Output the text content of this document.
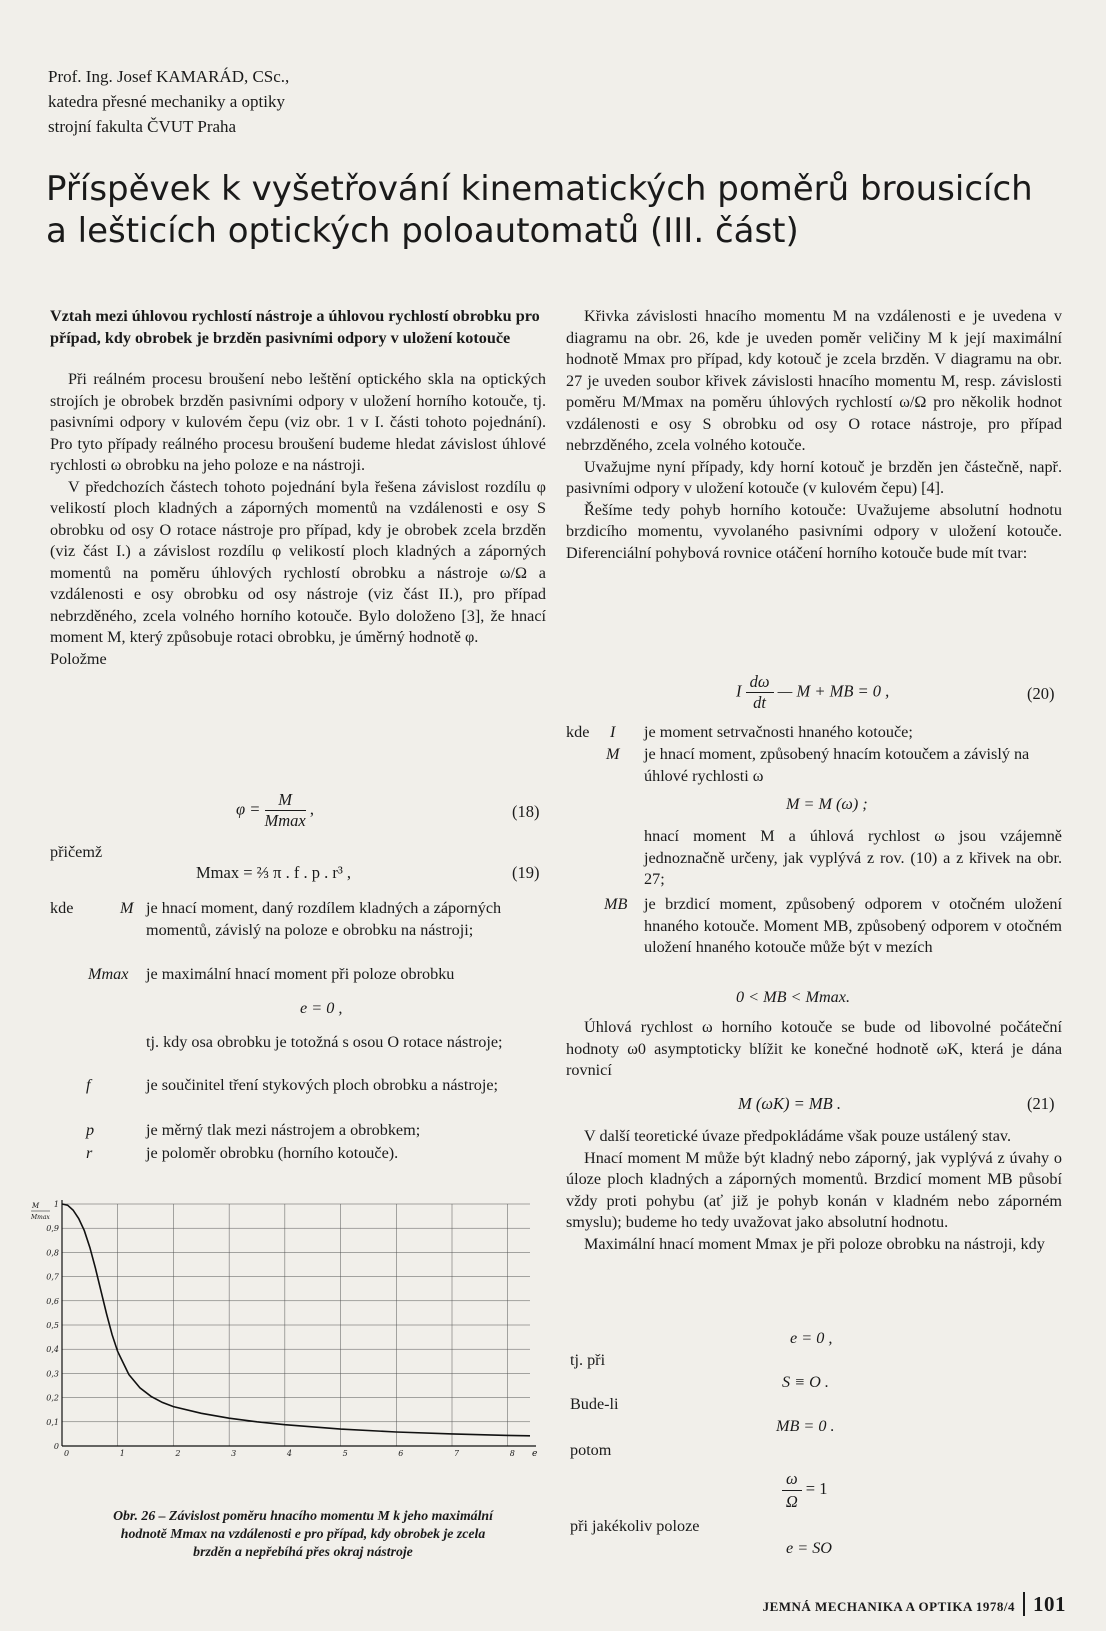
Prof. Ing. Josef KAMARÁD, CSc.,
katedra přesné mechaniky a optiky
strojní fakulta ČVUT Praha
Příspěvek k vyšetřování kinematických poměrů brousicích
a lešticích optických poloautomatů (III. část)

Vztah mezi úhlovou rychlostí nástroje a úhlovou rychlostí obrobku pro případ, kdy obrobek je brzděn pasivními odpory v uložení kotouče

Při reálném procesu broušení nebo leštění optického skla na optických strojích je obrobek brzděn pasivními odpory v uložení horního kotouče, tj. pasivními odpory v kulovém čepu (viz obr. 1 v I. části tohoto pojednání). Pro tyto případy reálného procesu broušení budeme hledat závislost úhlové rychlosti ω obrobku na jeho poloze e na nástroji.

V předchozích částech tohoto pojednání byla řešena závislost rozdílu φ velikostí ploch kladných a záporných momentů na vzdálenosti e osy S obrobku od osy O rotace nástroje pro případ, kdy je obrobek zcela brzděn (viz část I.) a závislost rozdílu φ velikostí ploch kladných a záporných momentů na poměru úhlových rychlostí obrobku a nástroje ω/Ω a vzdálenosti e osy obrobku od osy nástroje (viz část II.), pro případ nebrzděného, zcela volného horního kotouče. Bylo doloženo [3], že hnací moment M, který způsobuje rotaci obrobku, je úměrný hodnotě φ.

Položme

$\varphi = \frac{M}{Mmax}$ ,	(18)
přičemž
Mmax = ⅔ π . f . p . r³ ,	(19)
kde	M je hnací moment, daný rozdílem kladných a záporných momentů, závislý na poloze e obrobku na nástroji;
Mmax je maximální hnací moment při poloze obrobku
e = 0 ,
tj. kdy osa obrobku je totožná s osou O rotace nástroje;
f	je součinitel tření stykových ploch obrobku a nástroje;
p	je měrný tlak mezi nástrojem a obrobkem;
r	je poloměr obrobku (horního kotouče).
0
0,1
0,2
0,3
0,4
0,5
0,6
0,7
0,8
0,9
1
0	1	2	3	4	5	6	7	8
M
Mmax
e
Obr. 26 – Závislost poměru hnacího momentu M k jeho maximální
hodnotě Mmax na vzdálenosti e pro případ, kdy obrobek je zcela
brzděn a nepřebíhá přes okraj nástroje

Křivka závislosti hnacího momentu M na vzdálenosti e je uvedena v diagramu na obr. 26, kde je uveden poměr veličiny M k její maximální hodnotě Mmax pro případ, kdy kotouč je zcela brzděn. V diagramu na obr. 27 je uveden soubor křivek závislosti hnacího momentu M, resp. závislosti poměru M/Mmax na poměru úhlových rychlostí ω/Ω pro několik hodnot vzdálenosti e osy S obrobku od osy O rotace nástroje, pro případ nebrzděného, zcela volného kotouče.

Uvažujme nyní případy, kdy horní kotouč je brzděn jen částečně, např. pasivními odpory v uložení kotouče (v kulovém čepu) [4].

Řešíme tedy pohyb horního kotouče: Uvažujeme absolutní hodnotu brzdicího momentu, vyvolaného pasivními odpory v uložení kotouče. Diferenciální pohybová rovnice otáčení horního kotouče bude mít tvar:

I $\frac{d\omega}{dt}$ — M + MB = 0 ,	(20)
kde I je moment setrvačnosti hnaného kotouče;
M je hnací moment, způsobený hnacím kotoučem a závislý na úhlové rychlosti ω
M = M (ω) ;
hnací moment M a úhlová rychlost ω jsou vzájemně jednoznačně určeny, jak vyplývá z rov. (10) a z křivek na obr. 27;
MB je brzdicí moment, způsobený odporem v otočném uložení hnaného kotouče. Moment MB, způsobený odporem v otočném uložení hnaného kotouče může být v mezích
0 < MB < Mmax.

Úhlová rychlost ω horního kotouče se bude od libovolné počáteční hodnoty ω0 asymptoticky blížit ke konečné hodnotě ωK, která je dána rovnicí

M (ωK) = MB .	(21)

V další teoretické úvaze předpokládáme však pouze ustálený stav.

Hnací moment M může být kladný nebo záporný, jak vyplývá z úvahy o úloze ploch kladných a záporných momentů. Brzdicí moment MB působí vždy proti pohybu (ať již je pohyb konán v kladném nebo záporném smyslu); budeme ho tedy uvažovat jako absolutní hodnotu.

Maximální hnací moment Mmax je při poloze obrobku na nástroji, kdy

e = 0 ,
tj. při
S ≡ O .
Bude-li
MB = 0 .
potom
$\frac{\omega}{\Omega} = 1$
při jakékoliv poloze
e = SO
JEMNÁ MECHANIKA A OPTIKA 1978/4 101
